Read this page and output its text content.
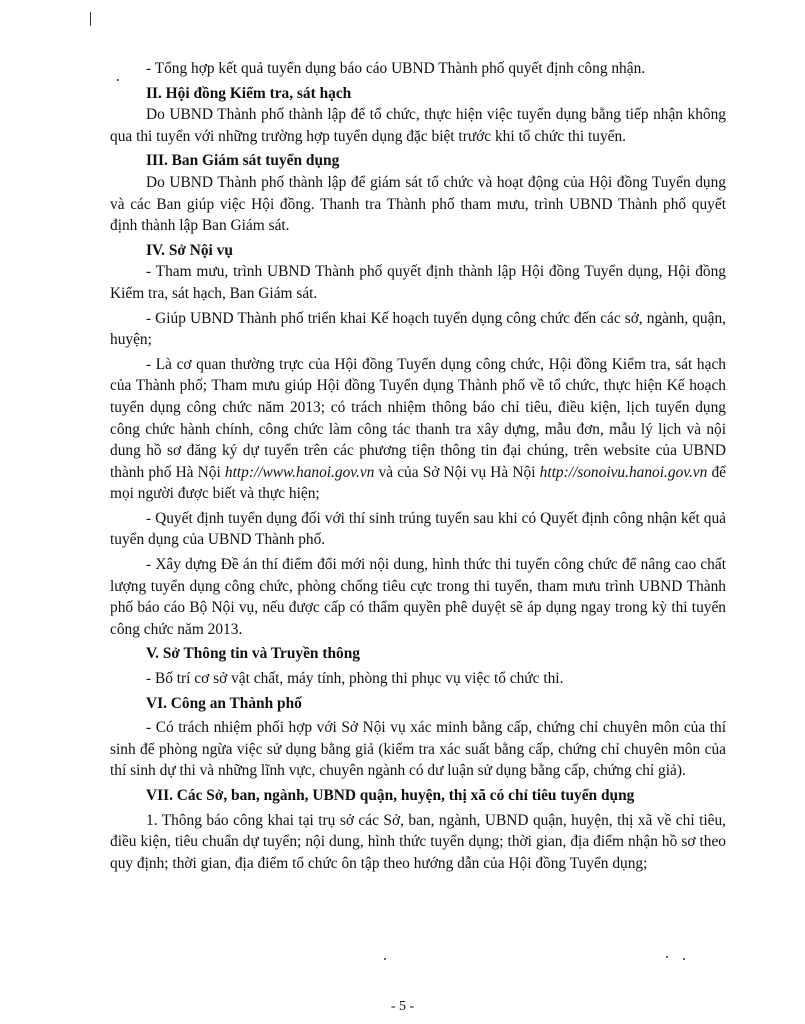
- Tổng hợp kết quả tuyển dụng báo cáo UBND Thành phố quyết định công nhận.

II. Hội đồng Kiểm tra, sát hạch

Do UBND Thành phố thành lập để tổ chức, thực hiện việc tuyển dụng bằng tiếp nhận không qua thi tuyển với những trường hợp tuyển dụng đặc biệt trước khi tổ chức thi tuyển.

III. Ban Giám sát tuyển dụng

Do UBND Thành phố thành lập để giám sát tổ chức và hoạt động của Hội đồng Tuyển dụng và các Ban giúp việc Hội đồng. Thanh tra Thành phố tham mưu, trình UBND Thành phố quyết định thành lập Ban Giám sát.

IV. Sở Nội vụ

- Tham mưu, trình UBND Thành phố quyết định thành lập Hội đồng Tuyển dụng, Hội đồng Kiểm tra, sát hạch, Ban Giám sát.

- Giúp UBND Thành phố triển khai Kế hoạch tuyển dụng công chức đến các sở, ngành, quận, huyện;

- Là cơ quan thường trực của Hội đồng Tuyển dụng công chức, Hội đồng Kiểm tra, sát hạch của Thành phố; Tham mưu giúp Hội đồng Tuyển dụng Thành phố về tổ chức, thực hiện Kế hoạch tuyển dụng công chức năm 2013; có trách nhiệm thông báo chỉ tiêu, điều kiện, lịch tuyển dụng công chức hành chính, công chức làm công tác thanh tra xây dựng, mẫu đơn, mẫu lý lịch và nội dung hồ sơ đăng ký dự tuyển trên các phương tiện thông tin đại chúng, trên website của UBND thành phố Hà Nội http://www.hanoi.gov.vn và của Sở Nội vụ Hà Nội http://sonoivu.hanoi.gov.vn để mọi người được biết và thực hiện;

- Quyết định tuyển dụng đối với thí sinh trúng tuyển sau khi có Quyết định công nhận kết quả tuyển dụng của UBND Thành phố.

- Xây dựng Đề án thí điểm đổi mới nội dung, hình thức thi tuyển công chức để nâng cao chất lượng tuyển dụng công chức, phòng chống tiêu cực trong thi tuyển, tham mưu trình UBND Thành phố báo cáo Bộ Nội vụ, nếu được cấp có thẩm quyền phê duyệt sẽ áp dụng ngay trong kỳ thi tuyển công chức năm 2013.

V. Sở Thông tin và Truyền thông

- Bố trí cơ sở vật chất, máy tính, phòng thi phục vụ việc tổ chức thi.

VI. Công an Thành phố

- Có trách nhiệm phối hợp với Sở Nội vụ xác minh bằng cấp, chứng chỉ chuyên môn của thí sinh để phòng ngừa việc sử dụng bằng giả (kiểm tra xác suất bằng cấp, chứng chỉ chuyên môn của thí sinh dự thi và những lĩnh vực, chuyên ngành có dư luận sử dụng bằng cấp, chứng chỉ giả).

VII. Các Sở, ban, ngành, UBND quận, huyện, thị xã có chỉ tiêu tuyển dụng

1. Thông báo công khai tại trụ sở các Sở, ban, ngành, UBND quận, huyện, thị xã về chỉ tiêu, điều kiện, tiêu chuẩn dự tuyển; nội dung, hình thức tuyển dụng; thời gian, địa điểm nhận hồ sơ theo quy định; thời gian, địa điểm tổ chức ôn tập theo hướng dẫn của Hội đồng Tuyển dụng;

- 5 -
